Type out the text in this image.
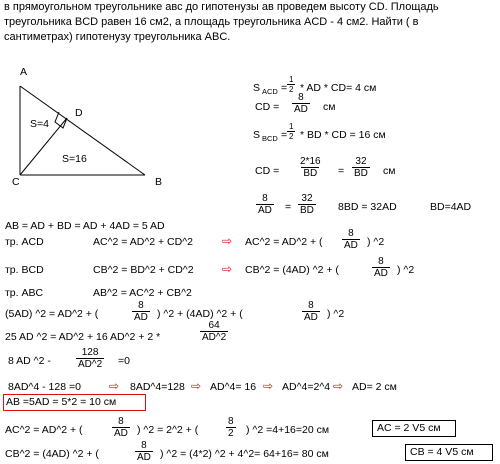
в прямоугольном треугольнике авс до гипотенузы ав проведем высоту CD. Площадь
треугольника BCD равен 16 см2, а площадь треугольника ACD - 4 см2. Найти ( в
сантиметрах) гипотенузу треугольника ABC.
A
D
C	B
S=4
S=16
S ACD = $\frac{1}{2}$ * AD * CD= 4 см
CD = $\frac{8}{AD}$ см
S BCD = $\frac{1}{2}$ * BD * CD = 16 см
CD = $\frac{2*16}{BD} = \frac{32}{BD}$ см
$\frac{8}{AD} = \frac{32}{BD} 8BD = 32AD$	BD=4AD
AB = AD + BD = AD + 4AD = 5 AD
тр. ACD	AC^2 = AD^2 + CD^2 ⇨ AC^2 = AD^2 + ( $\frac{8}{AD}$ ) ^2
тр. BCD	CB^2 = BD^2 + CD^2 ⇨ CB^2 = (4AD) ^2 + (	$\frac{8}{AD}$ ) ^2
тр. ABC	AB^2 = AC^2 + CB^2
(5AD) ^2 = AD^2 + (	$\frac{8}{AD}$ ) ^2 + (4AD) ^2 + (	$\frac{8}{AD}$ ) ^2
25 AD ^2 = AD^2 + 16 AD^2 + 2 *	$\frac{64}{AD\^{}2}$
8 AD ^2 -	$\frac{128}{AD\^{}2} =0$
8AD^4 - 128 =0 ⇨ 8AD^4=128 ⇨ AD^4= 16 ⇨ AD^4=2^4 ⇨ AD= 2 см
AB =5AD = 5*2 = 10 см
AC^2 = AD^2 + (	$\frac{8}{AD}$ ) ^2 = 2^2 + (	$\frac{8}{2}$ ) ^2 =4+16=20 см	AC = 2 V5 см
CB^2 = (4AD) ^2 + (	$\frac{8}{AD}$ ) ^2 = (4*2) ^2 + 4^2= 64+16= 80 см	CB = 4 V5 см
